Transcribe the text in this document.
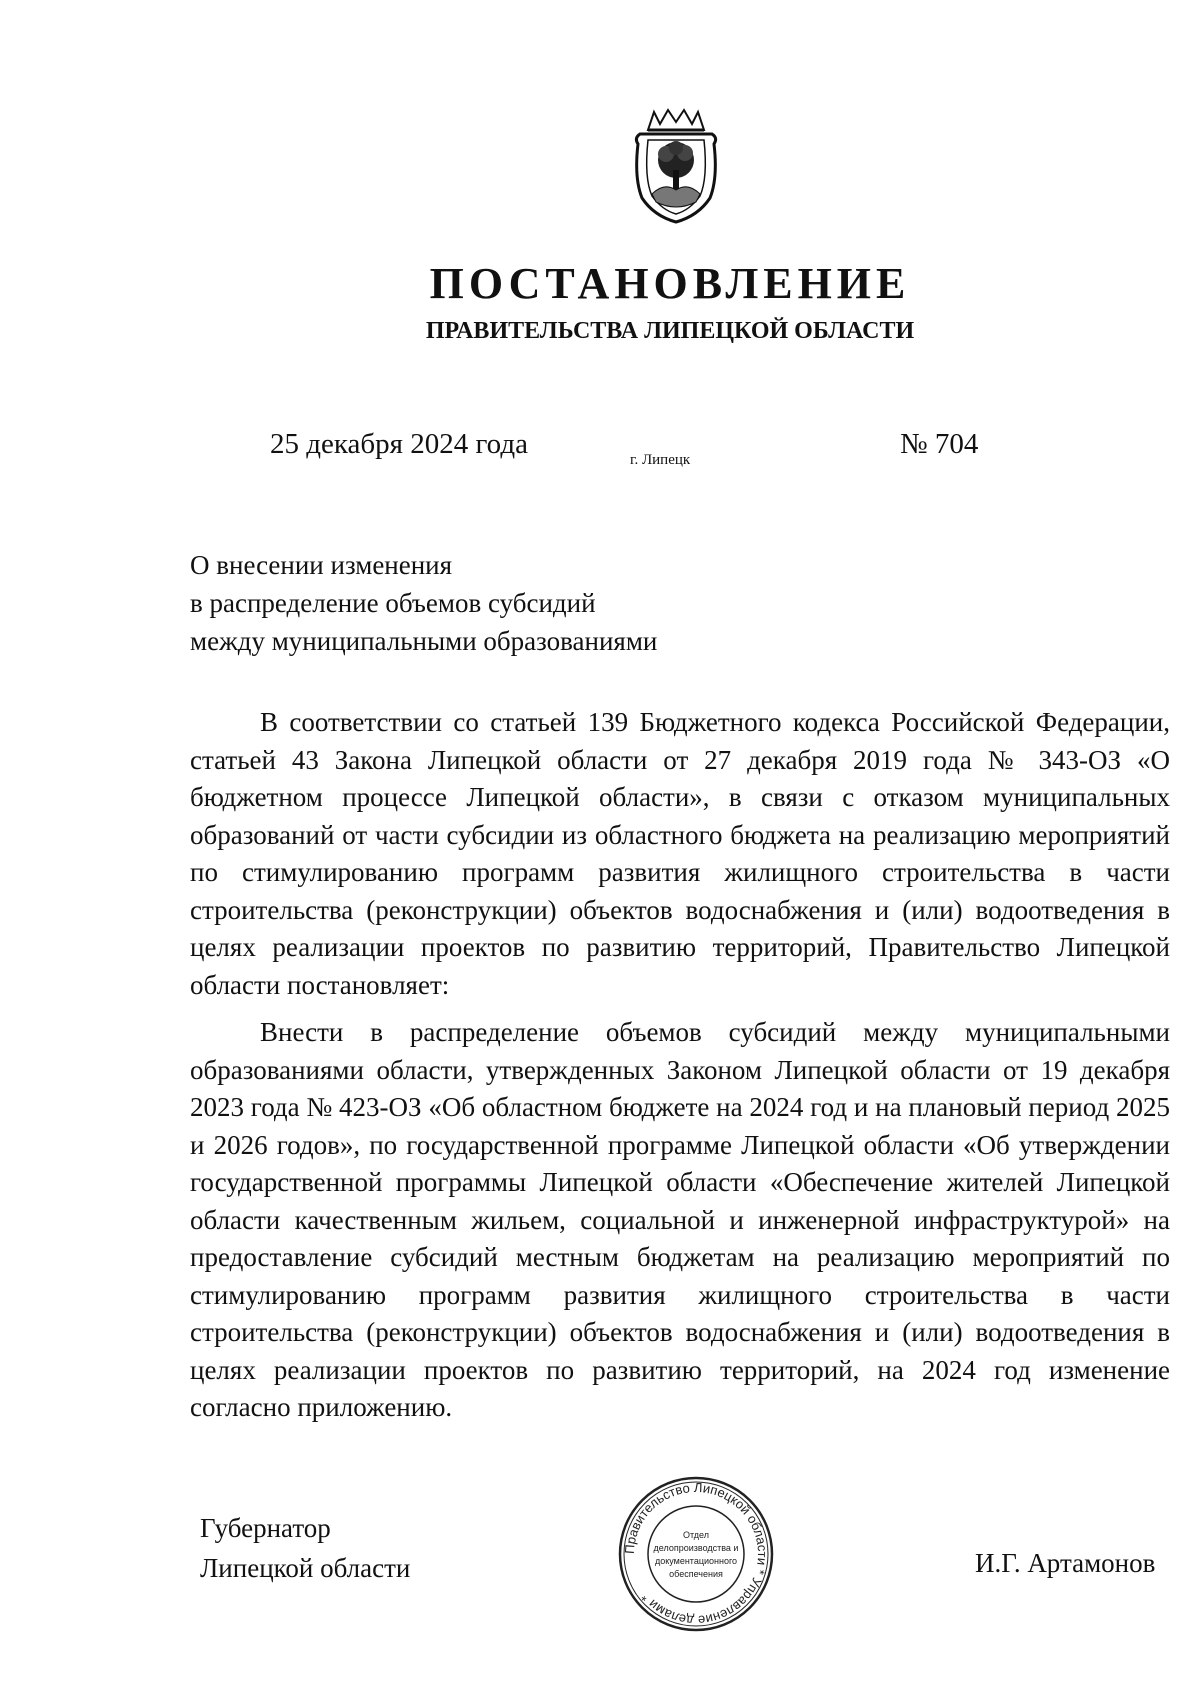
ПОСТАНОВЛЕНИЕ
ПРАВИТЕЛЬСТВА ЛИПЕЦКОЙ ОБЛАСТИ
25 декабря 2024 года	г. Липецк	№ 704
О внесении изменения
в распределение объемов субсидий
между муниципальными образованиями

В соответствии со статьей 139 Бюджетного кодекса Российской Федерации, статьей 43 Закона Липецкой области от 27 декабря 2019 года № 343-ОЗ «О бюджетном процессе Липецкой области», в связи с отказом муниципальных образований от части субсидии из областного бюджета на реализацию мероприятий по стимулированию программ развития жилищного строительства в части строительства (реконструкции) объектов водоснабжения и (или) водоотведения в целях реализации проектов по развитию территорий, Правительство Липецкой области постановляет:

Внести в распределение объемов субсидий между муниципальными образованиями области, утвержденных Законом Липецкой области от 19 декабря 2023 года № 423-ОЗ «Об областном бюджете на 2024 год и на плановый период 2025 и 2026 годов», по государственной программе Липецкой области «Об утверждении государственной программы Липецкой области «Обеспечение жителей Липецкой области качественным жильем, социальной и инженерной инфраструктурой» на предоставление субсидий местным бюджетам на реализацию мероприятий по стимулированию программ развития жилищного строительства в части строительства (реконструкции) объектов водоснабжения и (или) водоотведения в целях реализации проектов по развитию территорий, на 2024 год изменение согласно приложению.

Губернатор
Липецкой области
Правительство Липецкой области * Управление делами *
Отдел
делопроизводства и
документационного
обеспечения	И.Г. Артамонов
